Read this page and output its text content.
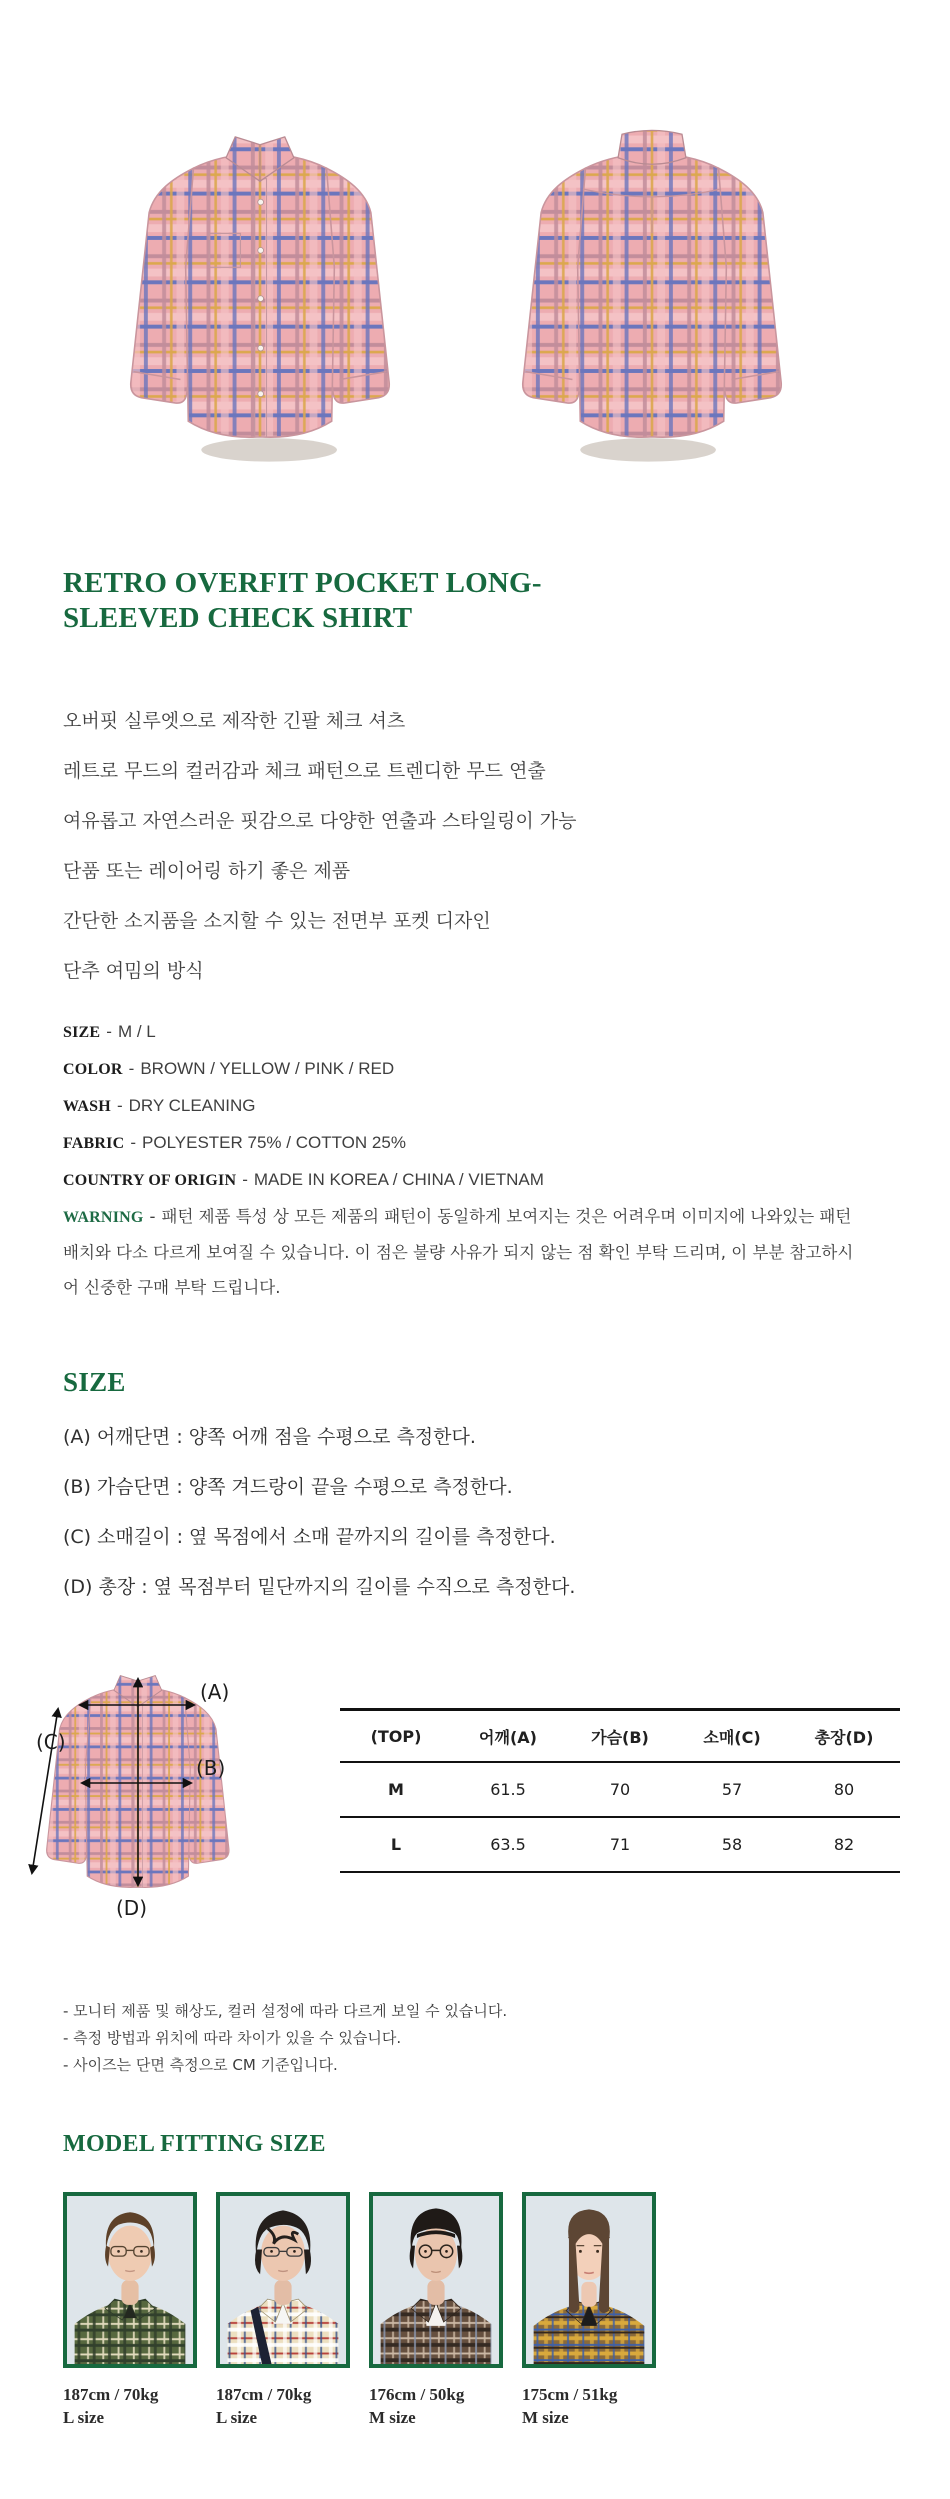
RETRO OVERFIT POCKET LONG-SLEEVED CHECK SHIRT

오버핏 실루엣으로 제작한 긴팔 체크 셔츠

레트로 무드의 컬러감과 체크 패턴으로 트렌디한 무드 연출

여유롭고 자연스러운 핏감으로 다양한 연출과 스타일링이 가능

단품 또는 레이어링 하기 좋은 제품

간단한 소지품을 소지할 수 있는 전면부 포켓 디자인

단추 여밈의 방식

SIZE - M / L
COLOR - BROWN / YELLOW / PINK / RED
WASH - DRY CLEANING
FABRIC - POLYESTER 75% / COTTON 25%
COUNTRY OF ORIGIN - MADE IN KOREA / CHINA / VIETNAM

WARNING - 패턴 제품 특성 상 모든 제품의 패턴이 동일하게 보여지는 것은 어려우며 이미지에 나와있는 패턴 배치와 다소 다르게 보여질 수 있습니다. 이 점은 불량 사유가 되지 않는 점 확인 부탁 드리며, 이 부분 참고하시어 신중한 구매 부탁 드립니다.

SIZE

(A) 어깨단면 : 양쪽 어깨 점을 수평으로 측정한다.

(B) 가슴단면 : 양쪽 겨드랑이 끝을 수평으로 측정한다.

(C) 소매길이 : 옆 목점에서 소매 끝까지의 길이를 측정한다.

(D) 총장 : 옆 목점부터 밑단까지의 길이를 수직으로 측정한다.

(A)
(B)
(C)
(D)
(TOP)	어깨(A)	가슴(B)	소매(C)	총장(D)
M	61.5	70	57	80
L	63.5	71	58	82

- 모니터 제품 및 해상도, 컬러 설정에 따라 다르게 보일 수 있습니다.

- 측정 방법과 위치에 따라 차이가 있을 수 있습니다.

- 사이즈는 단면 측정으로 CM 기준입니다.

MODEL FITTING SIZE
187cm / 70kg
L size
187cm / 70kg
L size
176cm / 50kg
M size
175cm / 51kg
M size
